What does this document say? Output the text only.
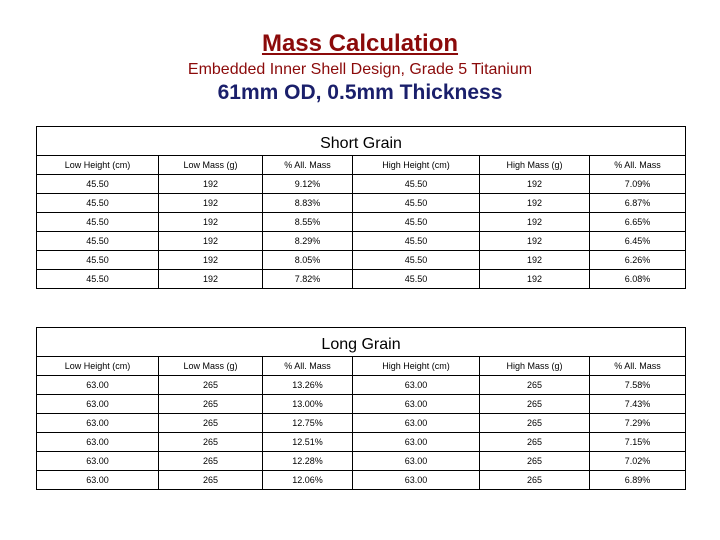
Mass Calculation
Embedded Inner Shell Design, Grade 5 Titanium
61mm OD, 0.5mm Thickness
Short Grain					
Low Height (cm)	Low Mass (g)	% All. Mass	High Height (cm)	High Mass (g)	% All. Mass
45.50	192	9.12%	45.50	192	7.09%
45.50	192	8.83%	45.50	192	6.87%
45.50	192	8.55%	45.50	192	6.65%
45.50	192	8.29%	45.50	192	6.45%
45.50	192	8.05%	45.50	192	6.26%
45.50	192	7.82%	45.50	192	6.08%
Long Grain					
Low Height (cm)	Low Mass (g)	% All. Mass	High Height (cm)	High Mass (g)	% All. Mass
63.00	265	13.26%	63.00	265	7.58%
63.00	265	13.00%	63.00	265	7.43%
63.00	265	12.75%	63.00	265	7.29%
63.00	265	12.51%	63.00	265	7.15%
63.00	265	12.28%	63.00	265	7.02%
63.00	265	12.06%	63.00	265	6.89%
